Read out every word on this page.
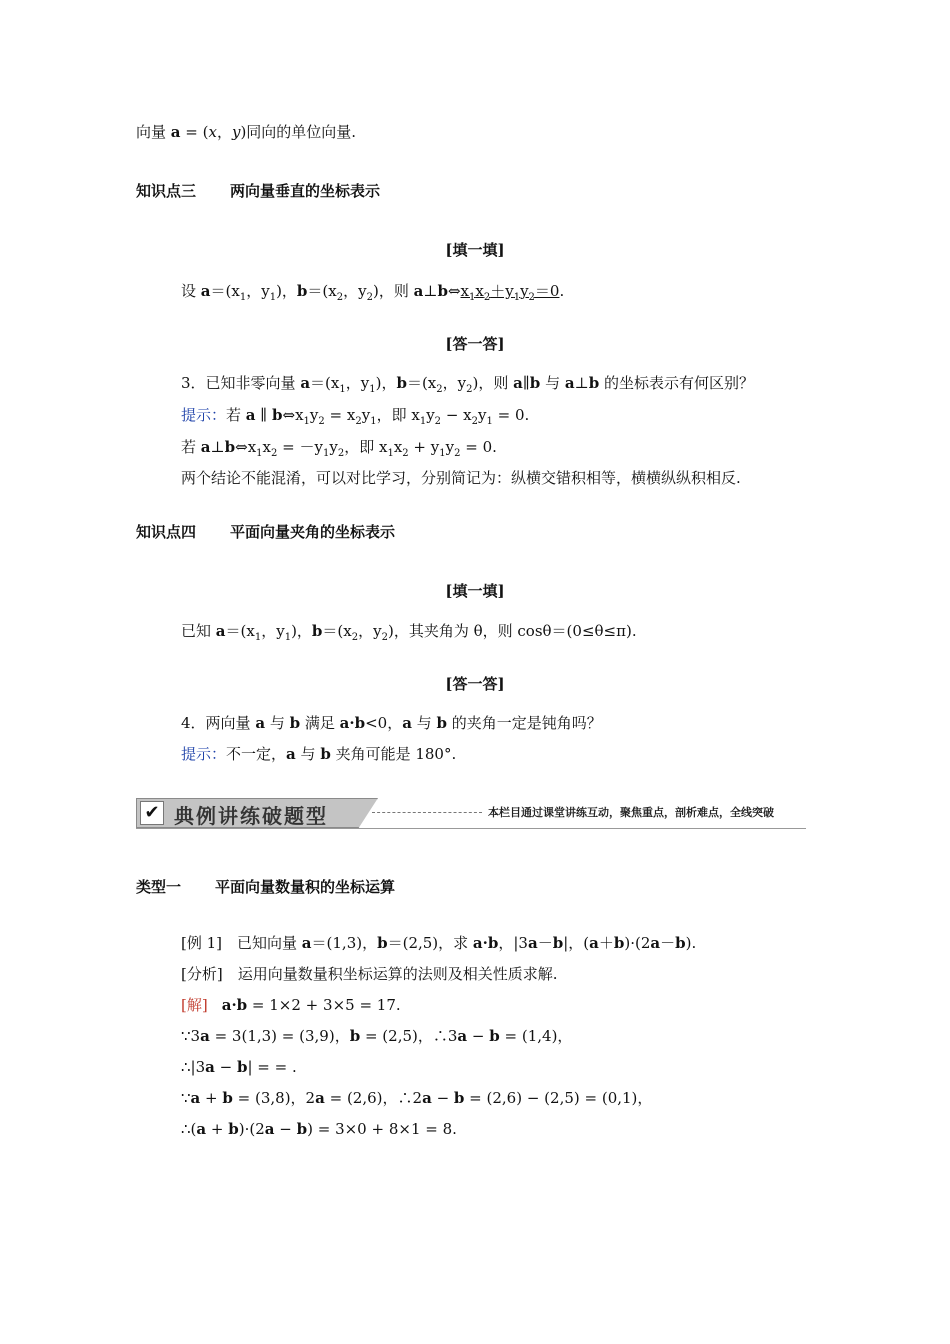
向量 a = (x，y)同向的单位向量.
知识点三 两向量垂直的坐标表示
[填一填]
设 $a=(x_1$，$y_1$)，$b=(x_2$，$y_2$)，则 $a\perp b\Leftrightarrow x_1x_2+y_1y_2=0$.
[答一答]
3．已知非零向量 $a=(x_1$，$y_1$)，$b=(x_2$，$y_2$)，则 a∥b 与 a⊥b 的坐标表示有何区别？
提示：若 a ∥ $b\Leftrightarrow x_1y_2 = x_2y_1$，即 $x_1y_2 - x_2y_1 = 0$.
若 $a\perp b\Leftrightarrow x_1x_2 = -y_1y_2$，即 $x_1x_2 + y_1y_2 = 0$.
两个结论不能混淆，可以对比学习，分别简记为：纵横交错积相等，横横纵纵积相反.
知识点四 平面向量夹角的坐标表示
[填一填]
已知 $a=(x_1$，$y_1$)，$b=(x_2$，$y_2$)，其夹角为 θ，则 cosθ＝(0≤θ≤π).
[答一答]
4．两向量 a 与 b 满足 a·b<0，a 与 b 的夹角一定是钝角吗？
提示：不一定，a 与 b 夹角可能是 180°.
✔ 典例讲练破题型	本栏目通过课堂讲练互动，聚焦重点，剖析难点，全线突破
类型一 平面向量数量积的坐标运算
[例 1]　已知向量 a＝(1,3)，b＝(2,5)，求 a·b，|3a－b|，(a＋b)·(2a－b).
[分析]　运用向量数量积坐标运算的法则及相关性质求解.
[解] a·b = 1×2 + 3×5 = 17.
∵3a = 3(1,3) = (3,9)，b = (2,5)，∴3a − b = (1,4)，
∴|3a − b| = = .
∵a + b = (3,8)，2a = (2,6)，∴2a − b = (2,6) − (2,5) = (0,1)，
∴(a + b)·(2a − b) = 3×0 + 8×1 = 8.
